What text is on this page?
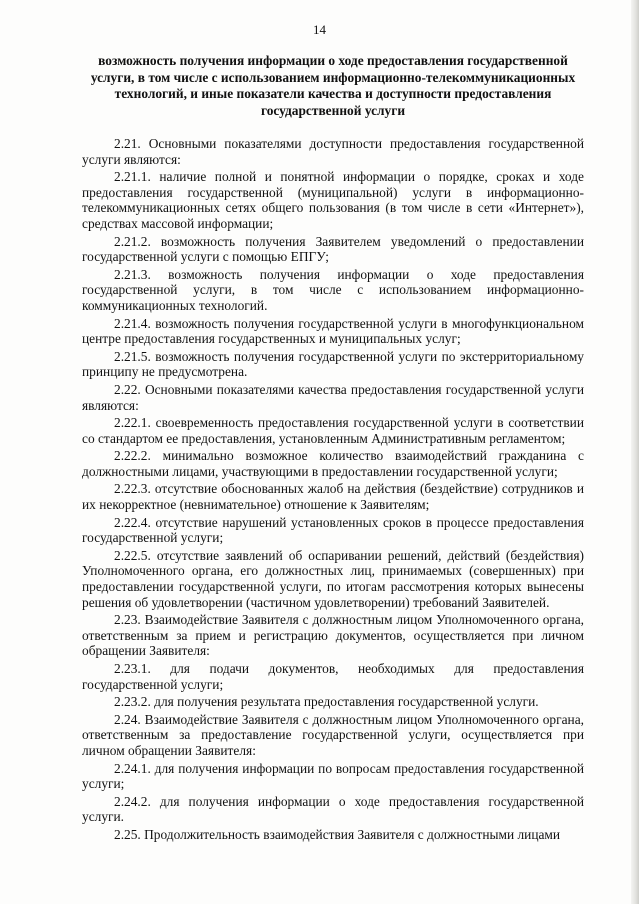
14
возможность получения информации о ходе предоставления государственной услуги, в том числе с использованием информационно-телекоммуникационных технологий, и иные показатели качества и доступности предоставления государственной услуги

2.21. Основными показателями доступности предоставления государственной услуги являются:

2.21.1. наличие полной и понятной информации о порядке, сроках и ходе предоставления государственной (муниципальной) услуги в информационно-телекоммуникационных сетях общего пользования (в том числе в сети «Интернет»), средствах массовой информации;

2.21.2. возможность получения Заявителем уведомлений о предоставлении государственной услуги с помощью ЕПГУ;

2.21.3. возможность получения информации о ходе предоставления государственной услуги, в том числе с использованием информационно-коммуникационных технологий.

2.21.4. возможность получения государственной услуги в многофункциональном центре предоставления государственных и муниципальных услуг;

2.21.5. возможность получения государственной услуги по экстерриториальному принципу не предусмотрена.

2.22. Основными показателями качества предоставления государственной услуги являются:

2.22.1. своевременность предоставления государственной услуги в соответствии со стандартом ее предоставления, установленным Административным регламентом;

2.22.2. минимально возможное количество взаимодействий гражданина с должностными лицами, участвующими в предоставлении государственной услуги;

2.22.3. отсутствие обоснованных жалоб на действия (бездействие) сотрудников и их некорректное (невнимательное) отношение к Заявителям;

2.22.4. отсутствие нарушений установленных сроков в процессе предоставления государственной услуги;

2.22.5. отсутствие заявлений об оспаривании решений, действий (бездействия) Уполномоченного органа, его должностных лиц, принимаемых (совершенных) при предоставлении государственной услуги, по итогам рассмотрения которых вынесены решения об удовлетворении (частичном удовлетворении) требований Заявителей.

2.23. Взаимодействие Заявителя с должностным лицом Уполномоченного органа, ответственным за прием и регистрацию документов, осуществляется при личном обращении Заявителя:

2.23.1. для подачи документов, необходимых для предоставления государственной услуги;

2.23.2. для получения результата предоставления государственной услуги.

2.24. Взаимодействие Заявителя с должностным лицом Уполномоченного органа, ответственным за предоставление государственной услуги, осуществляется при личном обращении Заявителя:

2.24.1. для получения информации по вопросам предоставления государственной услуги;

2.24.2. для получения информации о ходе предоставления государственной услуги.

2.25. Продолжительность взаимодействия Заявителя с должностными лицами
